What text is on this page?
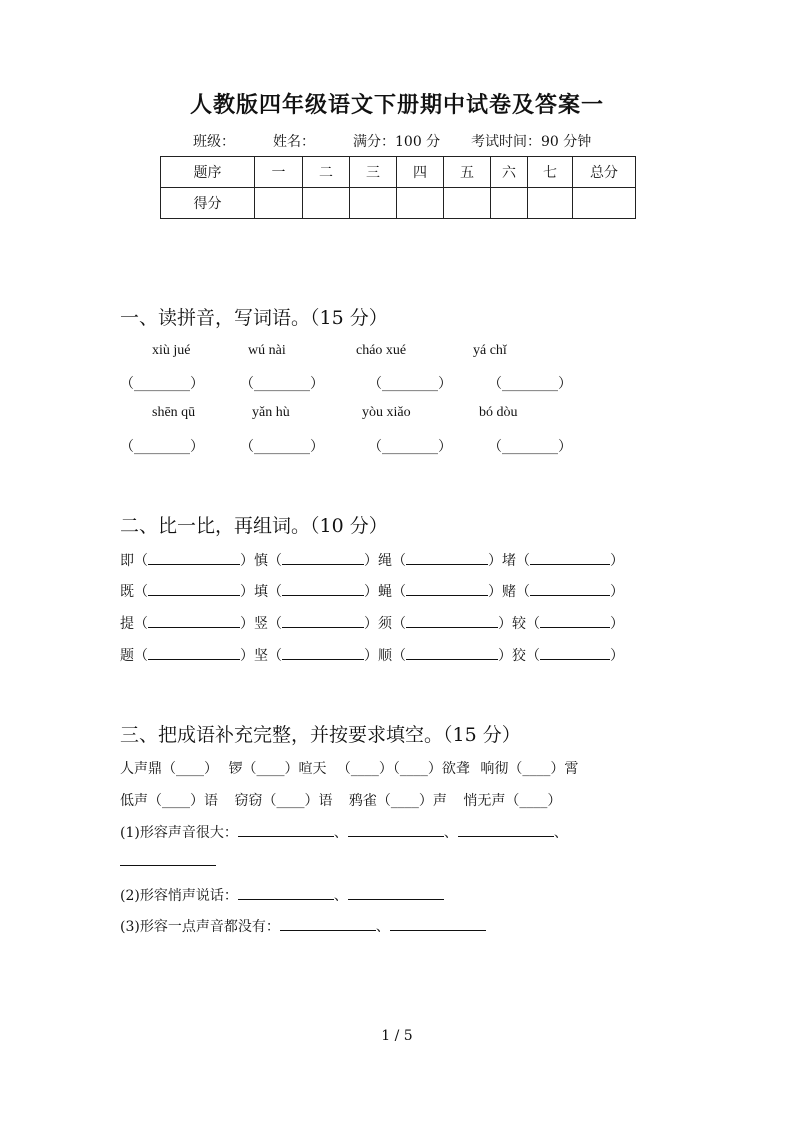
人教版四年级语文下册期中试卷及答案一
班级：	姓名：	满分：100 分 考试时间：90 分钟
题序	一	二	三	四	五	六	七	总分
得分								
一、读拼音，写词语。（15 分）
xiù jué	wú nài	cháo xué	yá chǐ
（________）	（________）	（________）	（________）
shēn qū	yǎn hù	yòu xiǎo	bó dòu
（________）	（________）	（________）	（________）
二、比一比，再组词。（10 分）
即（	）慎（	）绳（	）堵（	）
既（	）填（	）蝇（	）赌（	）
提（	）竖（	）须（	）较（	）
题（	）坚（	）顺（	）狡（	）
三、把成语补充完整，并按要求填空。（15 分）
人声鼎（____） 锣（____）喧天 （____）（____）欲聋 响彻（____）霄
低声（____）语 窃窃（____）语 鸦雀（____）声 悄无声（____）
(1)形容声音很大：	、	、	、
(2)形容悄声说话：	、
(3)形容一点声音都没有：	、
1 / 5
